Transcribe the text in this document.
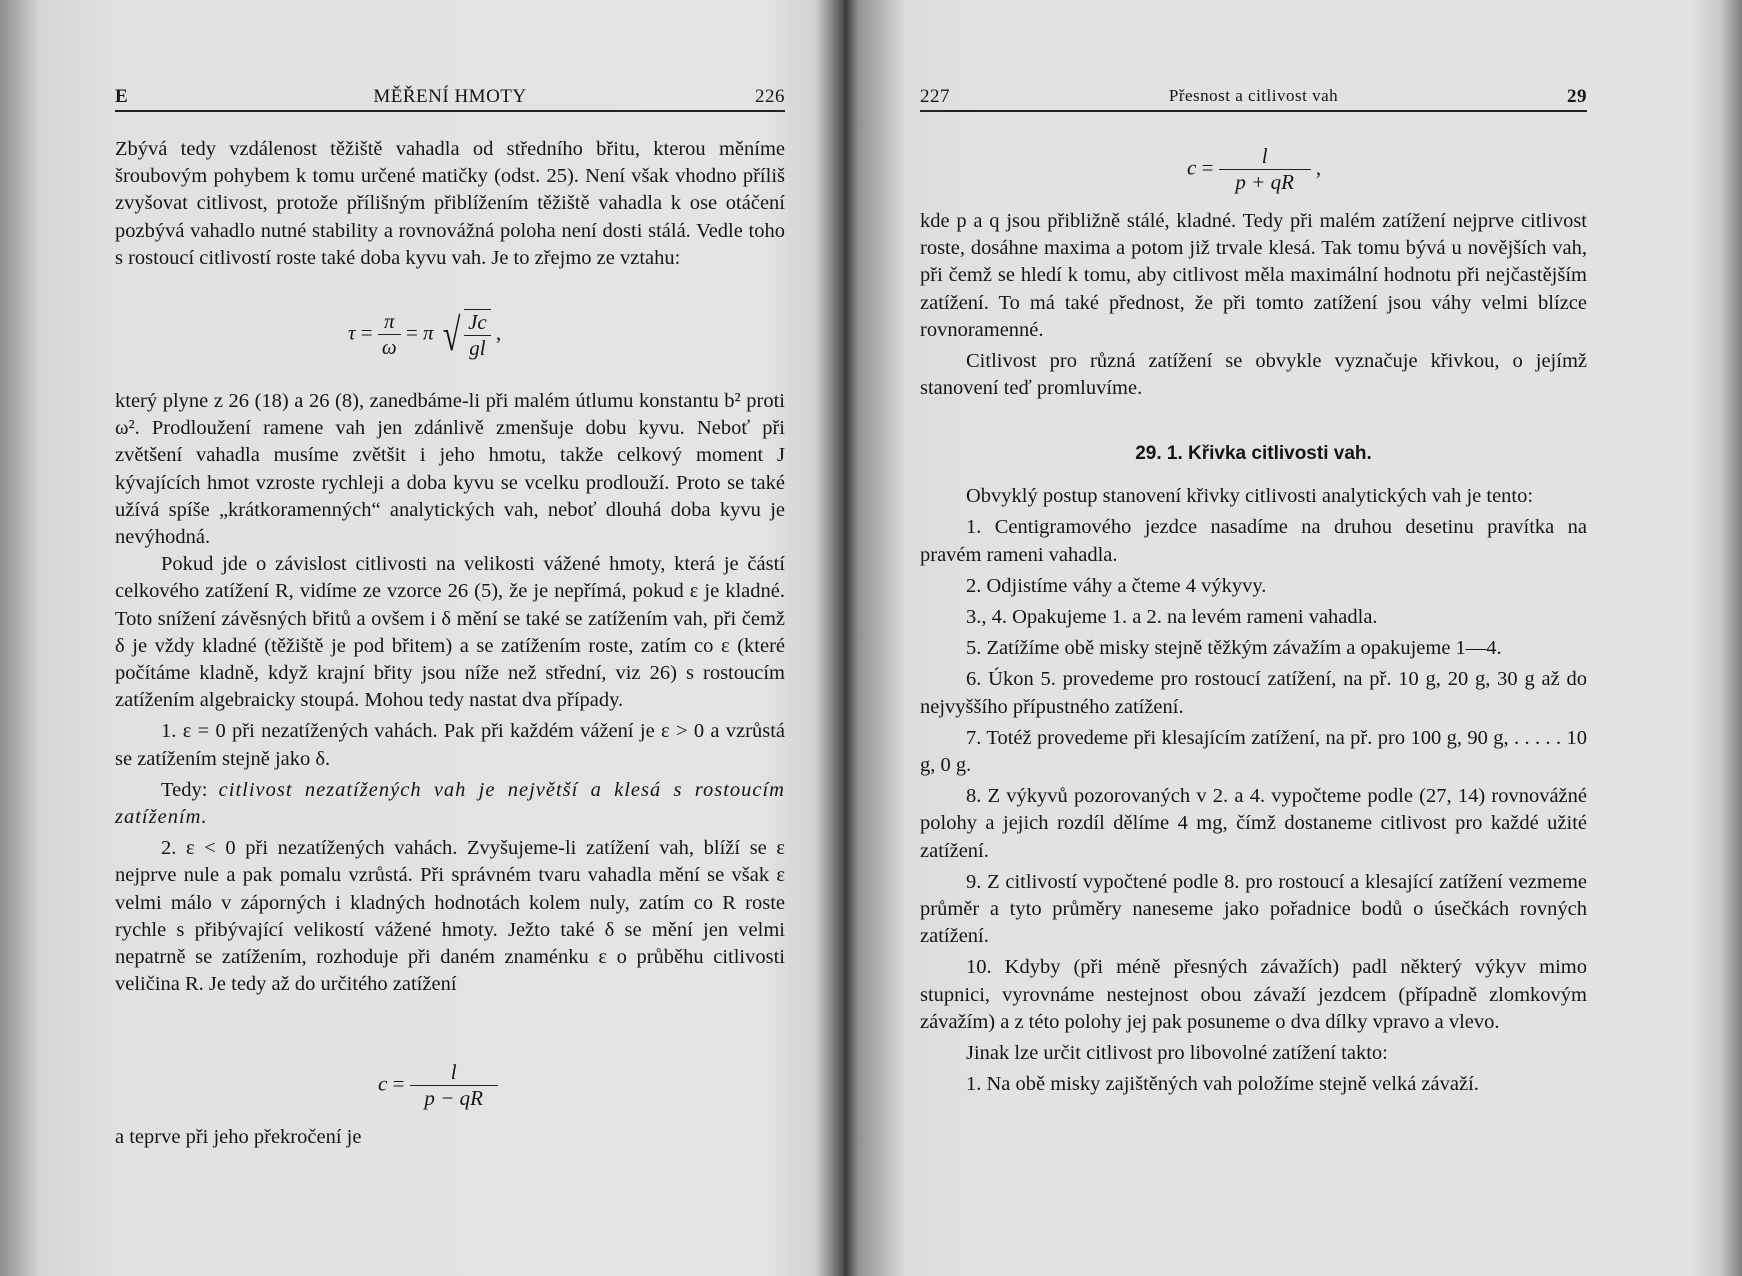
E	MĚŘENÍ HMOTY	226

Zbývá tedy vzdálenost těžiště vahadla od středního břitu, kterou měníme šroubovým pohybem k tomu určené matičky (odst. 25). Není však vhodno příliš zvyšovat citlivost, protože přílišným přiblížením těžiště vahadla k ose otáčení pozbývá vahadlo nutné stability a rovnovážná poloha není dosti stálá. Vedle toho s rostoucí citlivostí roste také doba kyvu vah. Je to zřejmo ze vztahu:

$\tau = \frac{\pi}{\omega} = \pi$ √ $\frac{Jc}{gl}$ ,

který plyne z 26 (18) a 26 (8), zanedbáme-li při malém útlumu konstantu b² proti ω². Prodloužení ramene vah jen zdánlivě zmenšuje dobu kyvu. Neboť při zvětšení vahadla musíme zvětšit i jeho hmotu, takže celkový moment J kývajících hmot vzroste rychleji a doba kyvu se vcelku prodlouží. Proto se také užívá spíše „krátkoramenných“ analytických vah, neboť dlouhá doba kyvu je nevýhodná.

Pokud jde o závislost citlivosti na velikosti vážené hmoty, která je částí celkového zatížení R, vidíme ze vzorce 26 (5), že je nepřímá, pokud ε je kladné. Toto snížení závěsných břitů a ovšem i δ mění se také se zatížením vah, při čemž δ je vždy kladné (těžiště je pod břitem) a se zatížením roste, zatím co ε (které počítáme kladně, když krajní břity jsou níže než střední, viz 26) s rostoucím zatížením algebraicky stoupá. Mohou tedy nastat dva případy.

1. ε = 0 při nezatížených vahách. Pak při každém vážení je ε > 0 a vzrůstá se zatížením stejně jako δ.

Tedy: citlivost nezatížených vah je největší a klesá s rostoucím zatížením.

2. ε < 0 při nezatížených vahách. Zvyšujeme-li zatížení vah, blíží se ε nejprve nule a pak pomalu vzrůstá. Při správném tvaru vahadla mění se však ε velmi málo v záporných i kladných hodnotách kolem nuly, zatím co R roste rychle s přibývající velikostí vážené hmoty. Ježto také δ se mění jen velmi nepatrně se zatížením, rozhoduje při daném znaménku ε o průběhu citlivosti veličina R. Je tedy až do určitého zatížení

$c = \frac{l}{p - qR}$

a teprve při jeho překročení je

227	Přesnost a citlivost vah	29
$c = \frac{l}{p + qR}$ ,

kde p a q jsou přibližně stálé, kladné. Tedy při malém zatížení nejprve citlivost roste, dosáhne maxima a potom již trvale klesá. Tak tomu bývá u novějších vah, při čemž se hledí k tomu, aby citlivost měla maximální hodnotu při nejčastějším zatížení. To má také přednost, že při tomto zatížení jsou váhy velmi blízce rovnoramenné.

Citlivost pro různá zatížení se obvykle vyznačuje křivkou, o jejímž stanovení teď promluvíme.

29. 1. Křivka citlivosti vah.

Obvyklý postup stanovení křivky citlivosti analytických vah je tento:

1. Centigramového jezdce nasadíme na druhou desetinu pravítka na pravém rameni vahadla.

2. Odjistíme váhy a čteme 4 výkyvy.

3., 4. Opakujeme 1. a 2. na levém rameni vahadla.

5. Zatížíme obě misky stejně těžkým závažím a opakujeme 1—4.

6. Úkon 5. provedeme pro rostoucí zatížení, na př. 10 g, 20 g, 30 g až do nejvyššího přípustného zatížení.

7. Totéž provedeme při klesajícím zatížení, na př. pro 100 g, 90 g, . . . . . 10 g, 0 g.

8. Z výkyvů pozorovaných v 2. a 4. vypočteme podle (27, 14) rovnovážné polohy a jejich rozdíl dělíme 4 mg, čímž dostaneme citlivost pro každé užité zatížení.

9. Z citlivostí vypočtené podle 8. pro rostoucí a klesající zatížení vezmeme průměr a tyto průměry naneseme jako pořadnice bodů o úsečkách rovných zatížení.

10. Kdyby (při méně přesných závažích) padl některý výkyv mimo stupnici, vyrovnáme nestejnost obou závaží jezdcem (případně zlomkovým závažím) a z této polohy jej pak posuneme o dva dílky vpravo a vlevo.

Jinak lze určit citlivost pro libovolné zatížení takto:

1. Na obě misky zajištěných vah položíme stejně velká závaží.
